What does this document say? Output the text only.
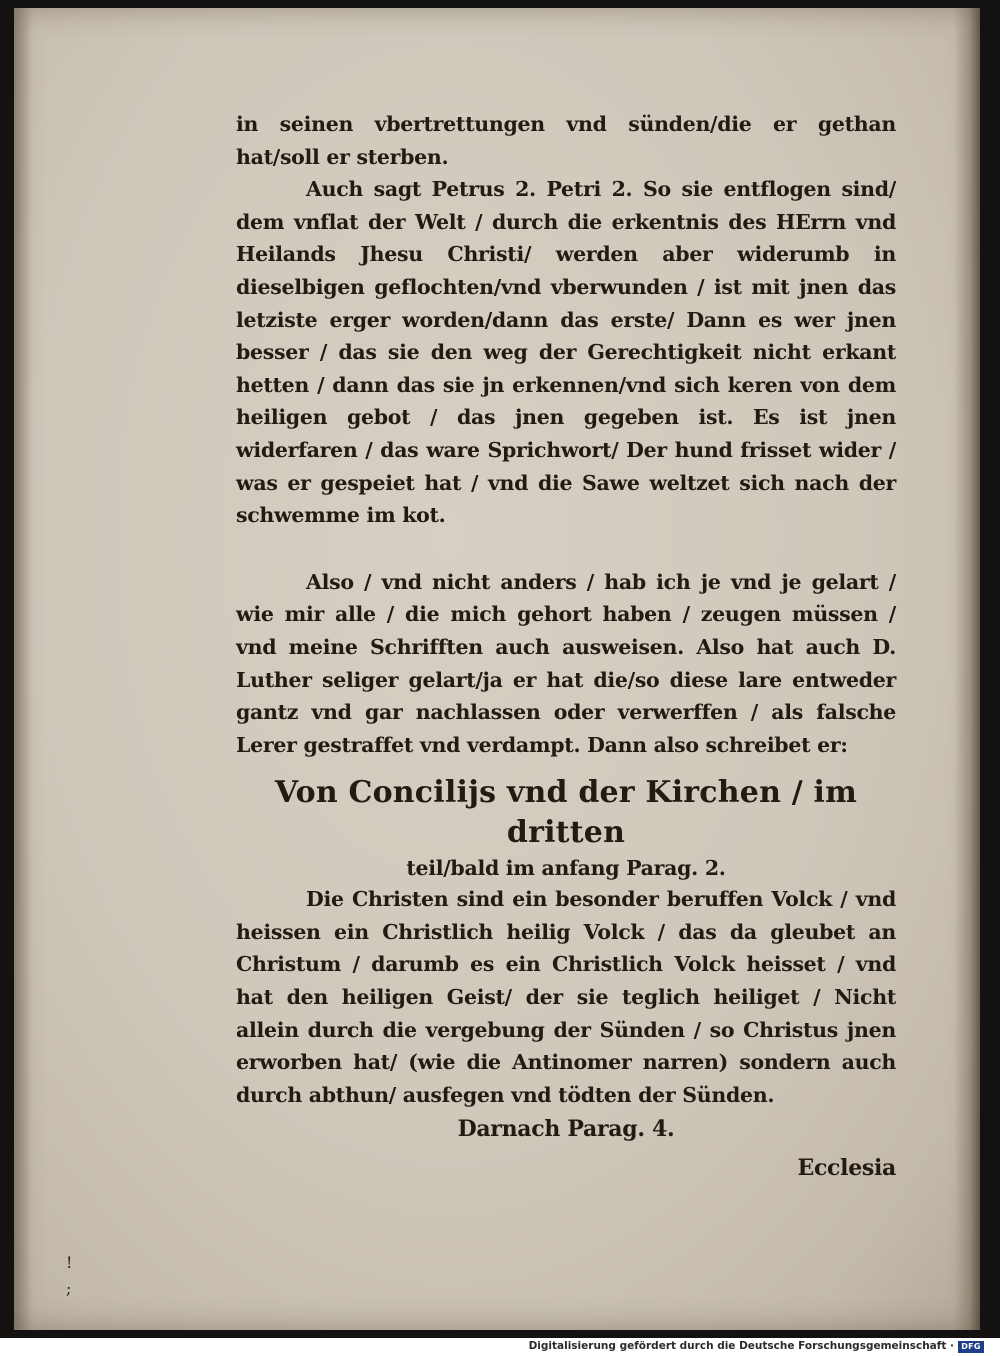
in seinen vbertrettungen vnd sünden/die er gethan hat/soll er sterben.

Auch sagt Petrus 2. Petri 2. So sie entflogen sind/ dem vnflat der Welt / durch die erkentnis des HErrn vnd Heilands Jhesu Christi/ werden aber widerumb in dieselbigen geflochten/vnd vberwunden / ist mit jnen das letziste erger worden/dann das erste/ Dann es wer jnen besser / das sie den weg der Gerechtigkeit nicht erkant hetten / dann das sie jn erkennen/vnd sich keren von dem heiligen gebot / das jnen gegeben ist. Es ist jnen widerfaren / das ware Sprichwort/ Der hund frisset wider / was er gespeiet hat / vnd die Sawe weltzet sich nach der schwemme im kot.

Also / vnd nicht anders / hab ich je vnd je gelart / wie mir alle / die mich gehort haben / zeugen müssen / vnd meine Schrifften auch ausweisen. Also hat auch D. Luther seliger gelart/ja er hat die/so diese lare entweder gantz vnd gar nachlassen oder verwerffen / als falsche Lerer gestraffet vnd verdampt. Dann also schreibet er:

Von Concilijs vnd der Kirchen / im dritten

teil/bald im anfang Parag. 2.

Die Christen sind ein besonder beruffen Volck / vnd heissen ein Christlich heilig Volck / das da gleubet an Christum / darumb es ein Christlich Volck heisset / vnd hat den heiligen Geist/ der sie teglich heiliget / Nicht allein durch die vergebung der Sünden / so Christus jnen erworben hat/ (wie die Antinomer narren) sondern auch durch abthun/ ausfegen vnd tödten der Sünden.

Darnach Parag. 4.

Ecclesia

! ;
Digitalisierung gefördert durch die Deutsche Forschungsgemeinschaft · DFG
